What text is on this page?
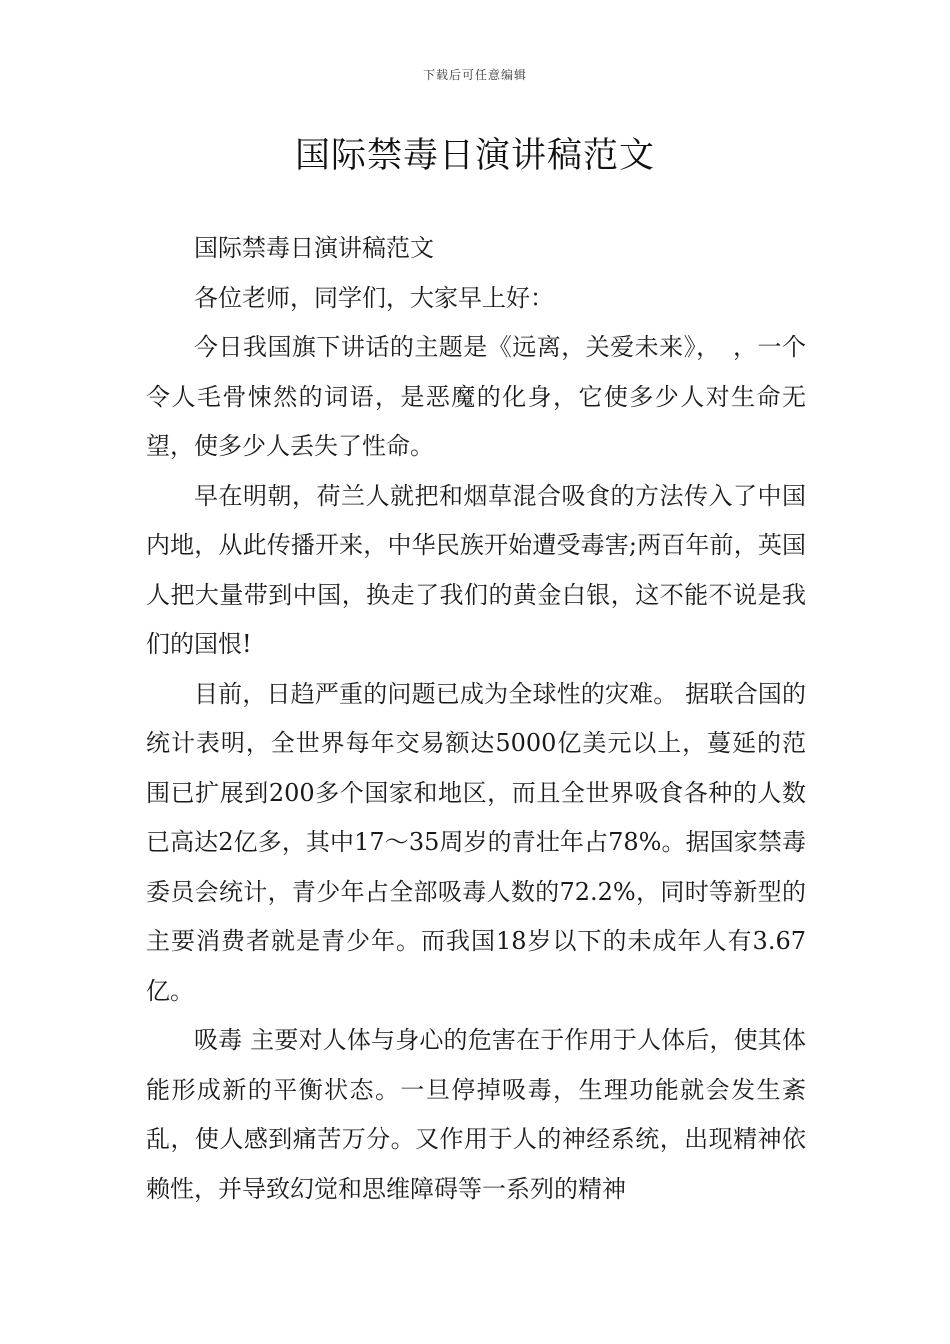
下载后可任意编辑
国际禁毒日演讲稿范文

国际禁毒日演讲稿范文

各位老师，同学们，大家早上好：

今日我国旗下讲话的主题是《远离，关爱未来》，　，一个令人毛骨悚然的词语，是恶魔的化身，它使多少人对生命无望，使多少人丢失了性命。

早在明朝，荷兰人就把和烟草混合吸食的方法传入了中国内地，从此传播开来，中华民族开始遭受毒害;两百年前，英国人把大量带到中国，换走了我们的黄金白银，这不能不说是我们的国恨!

目前，日趋严重的问题已成为全球性的灾难。 据联合国的统计表明，全世界每年交易额达5000亿美元以上，蔓延的范围已扩展到200多个国家和地区，而且全世界吸食各种的人数已高达2亿多，其中17～35周岁的青壮年占78%。据国家禁毒委员会统计，青少年占全部吸毒人数的72.2%，同时等新型的主要消费者就是青少年。而我国18岁以下的未成年人有3.67亿。

吸毒 主要对人体与身心的危害在于作用于人体后，使其体能形成新的平衡状态。一旦停掉吸毒，生理功能就会发生紊乱，使人感到痛苦万分。又作用于人的神经系统，出现精神依赖性，并导致幻觉和思维障碍等一系列的精神
